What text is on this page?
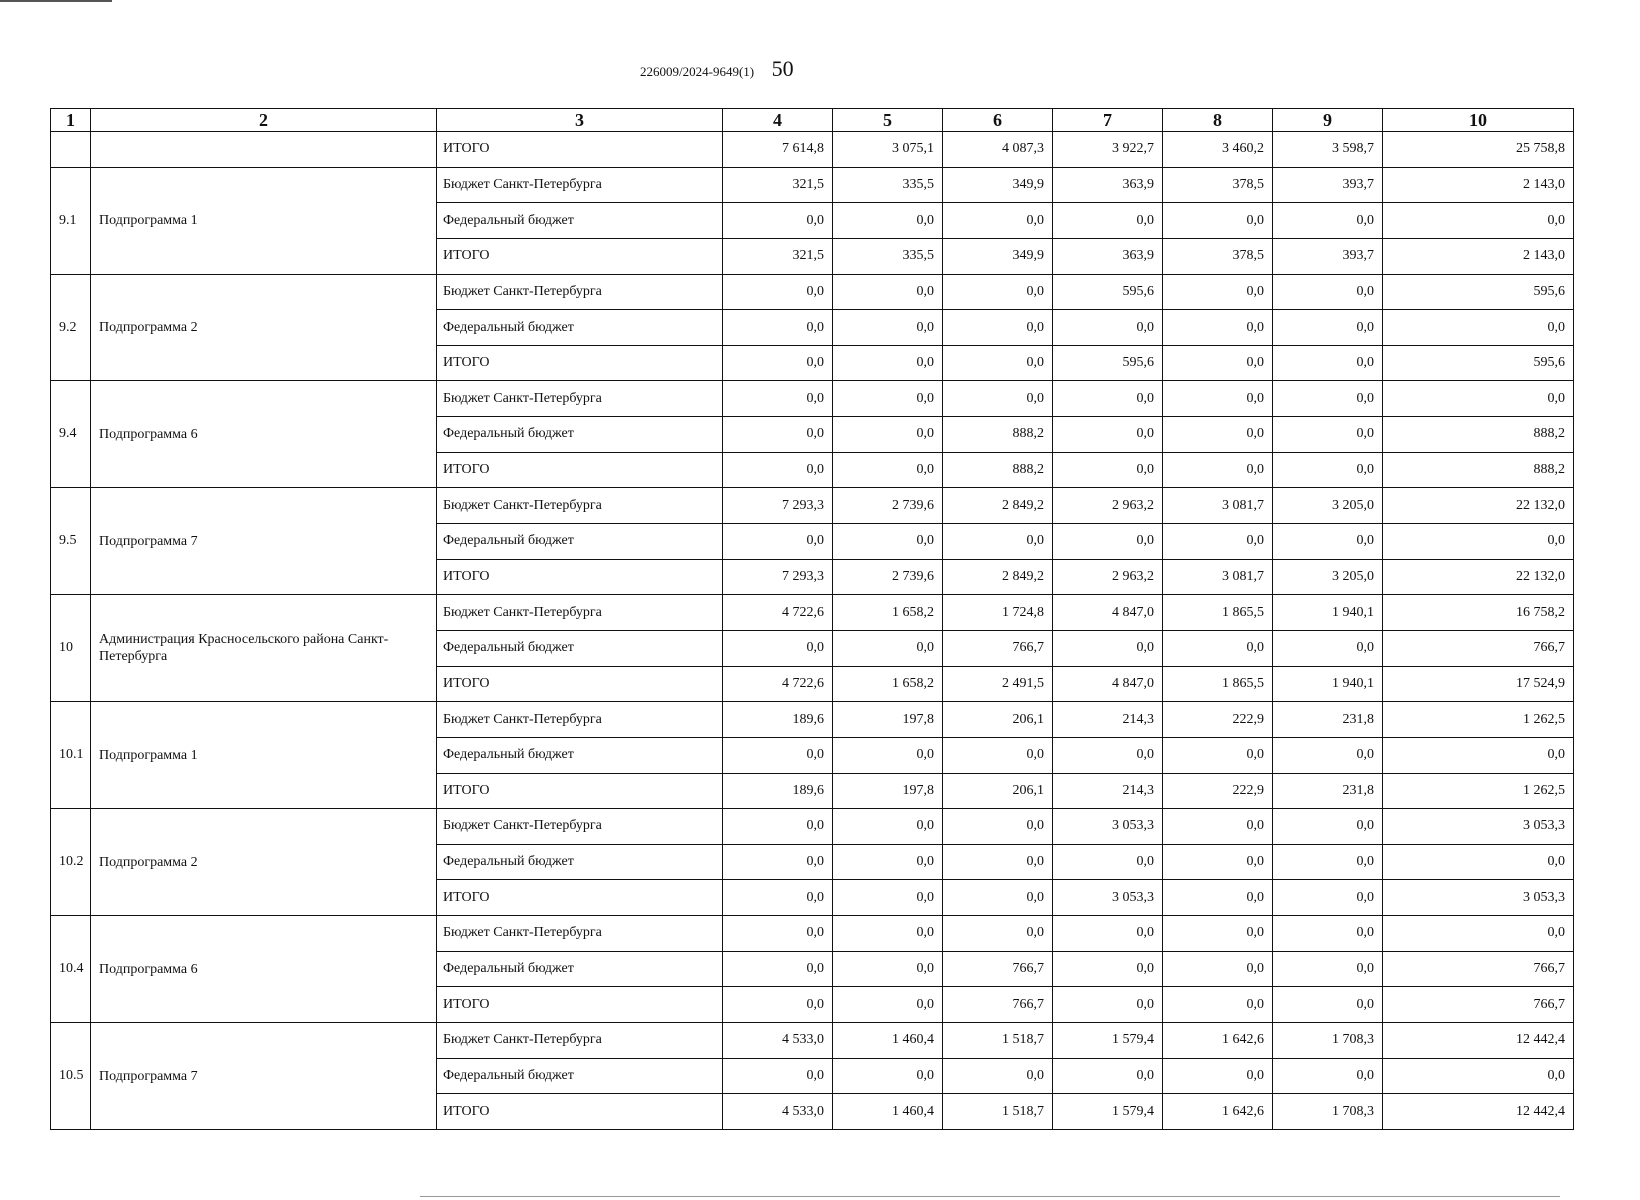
226009/2024-9649(1) 50
1	2	3	4	5	6	7	8	9	10
		ИТОГО	7 614,8	3 075,1	4 087,3	3 922,7	3 460,2	3 598,7	25 758,8
9.1	Подпрограмма 1	Бюджет Санкт-Петербурга	321,5	335,5	349,9	363,9	378,5	393,7	2 143,0
		Федеральный бюджет	0,0	0,0	0,0	0,0	0,0	0,0	0,0
		ИТОГО	321,5	335,5	349,9	363,9	378,5	393,7	2 143,0
9.2	Подпрограмма 2	Бюджет Санкт-Петербурга	0,0	0,0	0,0	595,6	0,0	0,0	595,6
		Федеральный бюджет	0,0	0,0	0,0	0,0	0,0	0,0	0,0
		ИТОГО	0,0	0,0	0,0	595,6	0,0	0,0	595,6
9.4	Подпрограмма 6	Бюджет Санкт-Петербурга	0,0	0,0	0,0	0,0	0,0	0,0	0,0
		Федеральный бюджет	0,0	0,0	888,2	0,0	0,0	0,0	888,2
		ИТОГО	0,0	0,0	888,2	0,0	0,0	0,0	888,2
9.5	Подпрограмма 7	Бюджет Санкт-Петербурга	7 293,3	2 739,6	2 849,2	2 963,2	3 081,7	3 205,0	22 132,0
		Федеральный бюджет	0,0	0,0	0,0	0,0	0,0	0,0	0,0
		ИТОГО	7 293,3	2 739,6	2 849,2	2 963,2	3 081,7	3 205,0	22 132,0
10	Администрация Красносельского района Санкт-Петербурга	Бюджет Санкт-Петербурга	4 722,6	1 658,2	1 724,8	4 847,0	1 865,5	1 940,1	16 758,2
		Федеральный бюджет	0,0	0,0	766,7	0,0	0,0	0,0	766,7
		ИТОГО	4 722,6	1 658,2	2 491,5	4 847,0	1 865,5	1 940,1	17 524,9
10.1	Подпрограмма 1	Бюджет Санкт-Петербурга	189,6	197,8	206,1	214,3	222,9	231,8	1 262,5
		Федеральный бюджет	0,0	0,0	0,0	0,0	0,0	0,0	0,0
		ИТОГО	189,6	197,8	206,1	214,3	222,9	231,8	1 262,5
10.2	Подпрограмма 2	Бюджет Санкт-Петербурга	0,0	0,0	0,0	3 053,3	0,0	0,0	3 053,3
		Федеральный бюджет	0,0	0,0	0,0	0,0	0,0	0,0	0,0
		ИТОГО	0,0	0,0	0,0	3 053,3	0,0	0,0	3 053,3
10.4	Подпрограмма 6	Бюджет Санкт-Петербурга	0,0	0,0	0,0	0,0	0,0	0,0	0,0
		Федеральный бюджет	0,0	0,0	766,7	0,0	0,0	0,0	766,7
		ИТОГО	0,0	0,0	766,7	0,0	0,0	0,0	766,7
10.5	Подпрограмма 7	Бюджет Санкт-Петербурга	4 533,0	1 460,4	1 518,7	1 579,4	1 642,6	1 708,3	12 442,4
		Федеральный бюджет	0,0	0,0	0,0	0,0	0,0	0,0	0,0
		ИТОГО	4 533,0	1 460,4	1 518,7	1 579,4	1 642,6	1 708,3	12 442,4
